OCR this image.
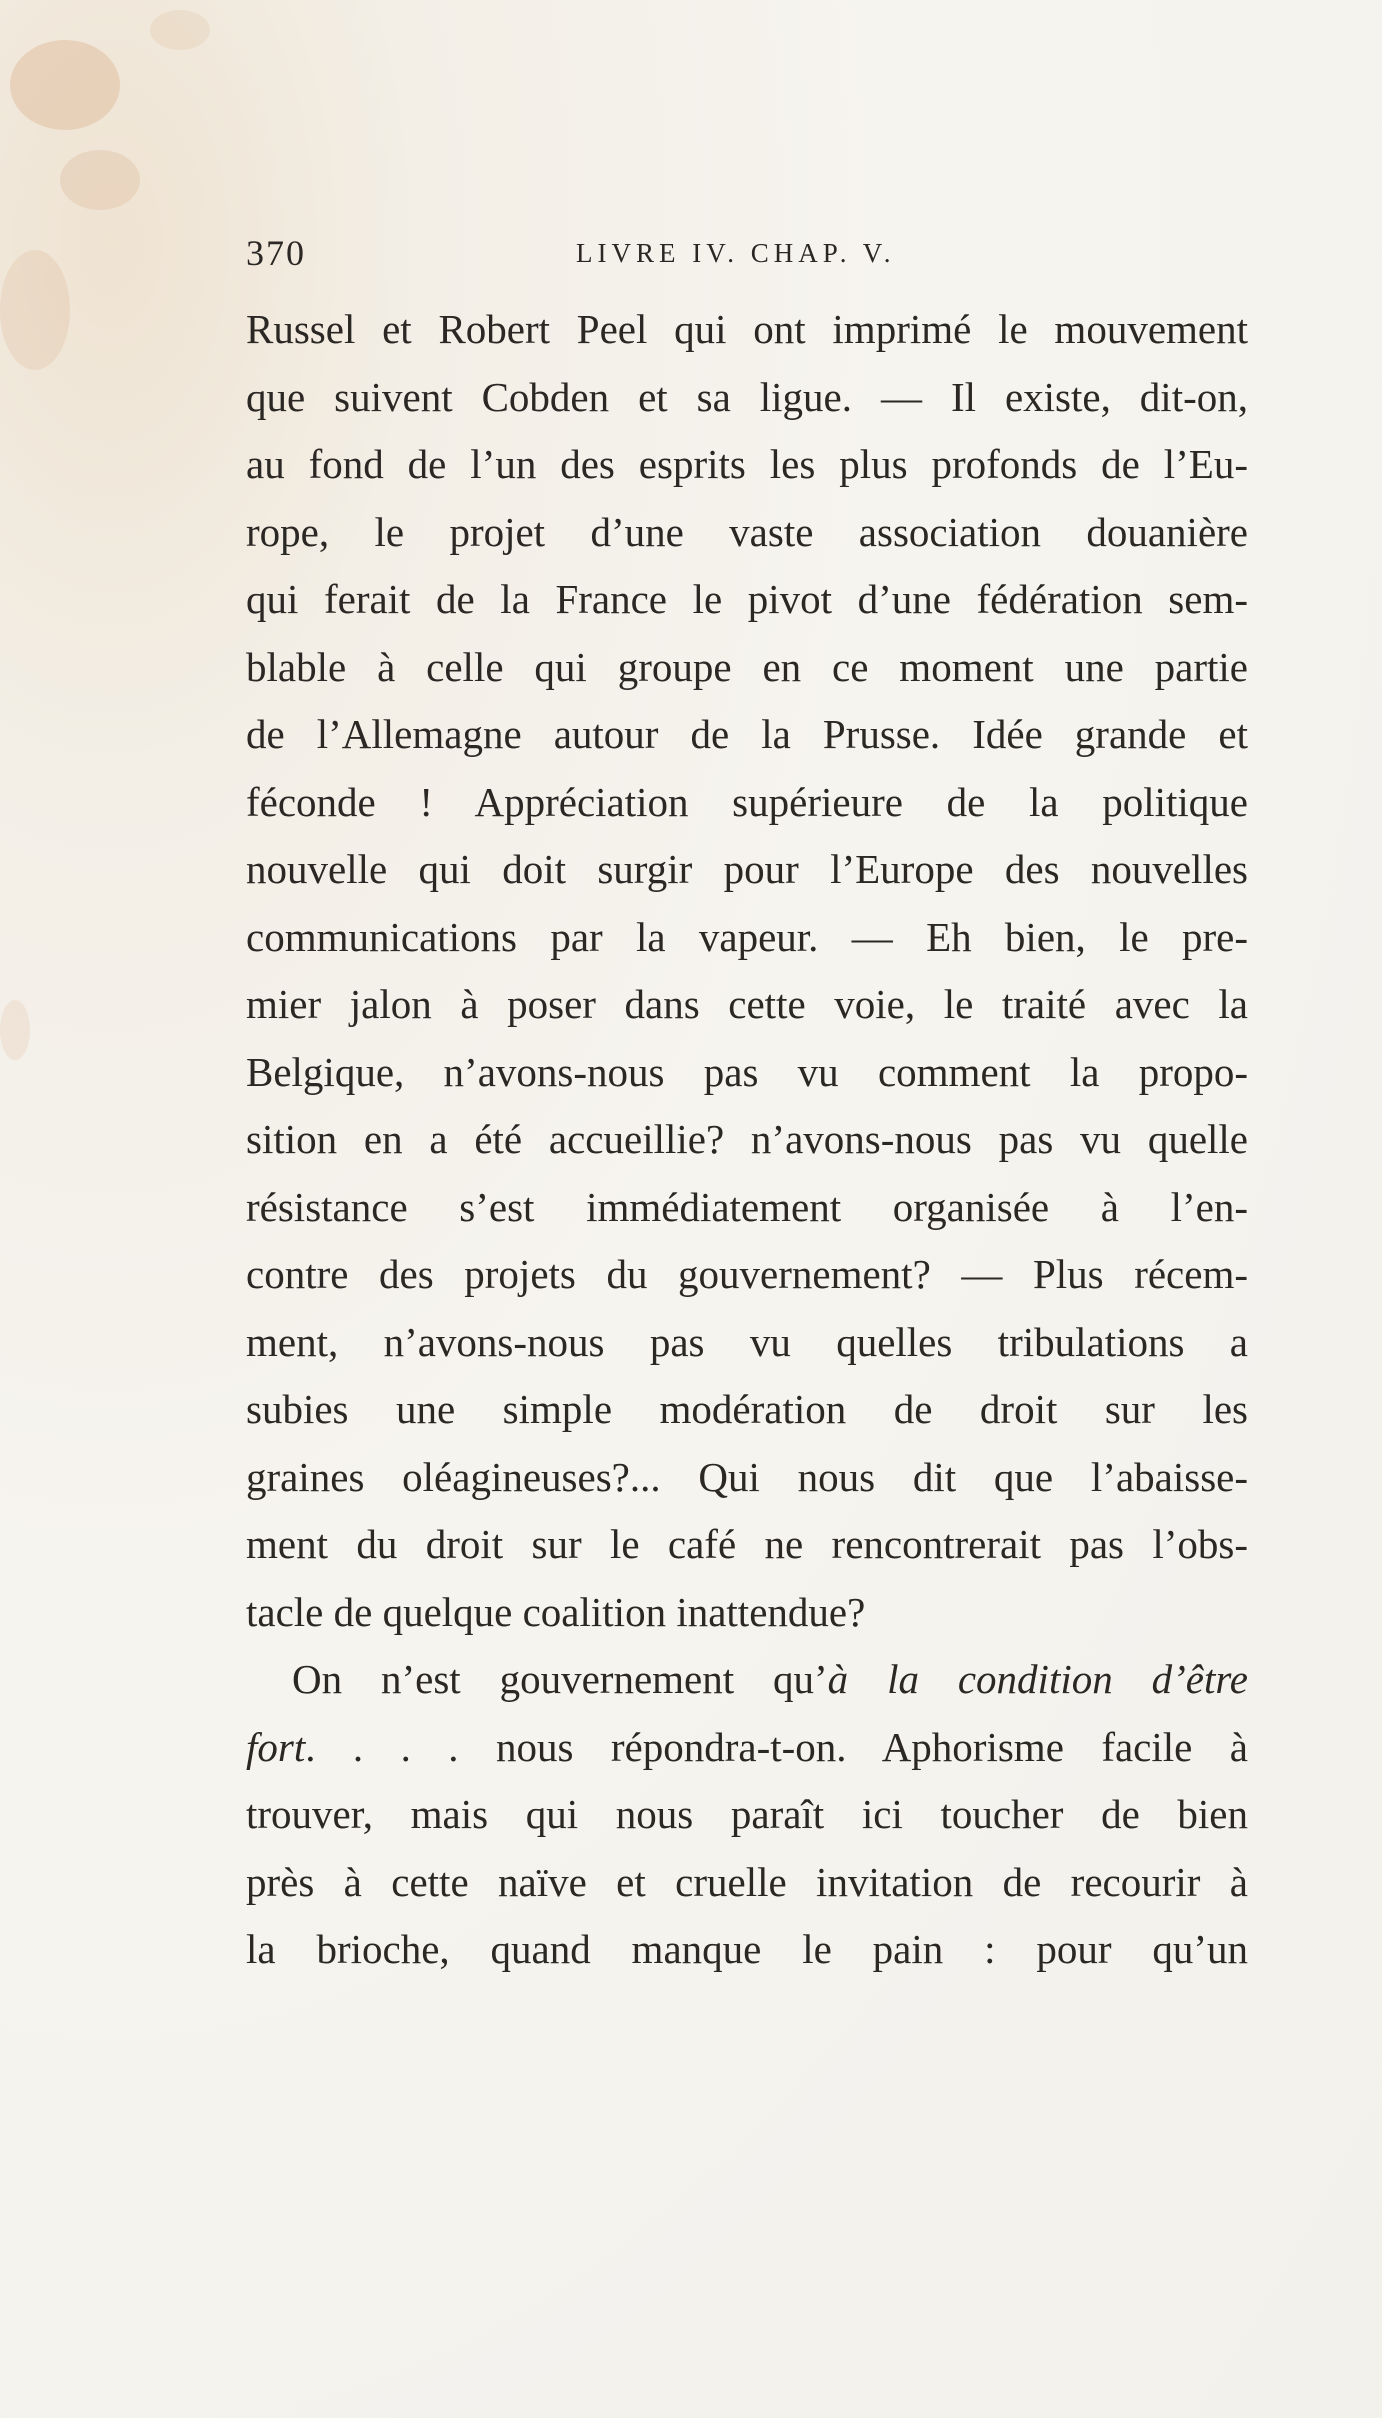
370	LIVRE IV. CHAP. V.
Russel et Robert Peel qui ont imprimé le mouvement
que suivent Cobden et sa ligue. — Il existe, dit-on,
au fond de l’un des esprits les plus profonds de l’Eu-
rope, le projet d’une vaste association douanière
qui ferait de la France le pivot d’une fédération sem-
blable à celle qui groupe en ce moment une partie
de l’Allemagne autour de la Prusse. Idée grande et
féconde ! Appréciation supérieure de la politique
nouvelle qui doit surgir pour l’Europe des nouvelles
communications par la vapeur. — Eh bien, le pre-
mier jalon à poser dans cette voie, le traité avec la
Belgique, n’avons-nous pas vu comment la propo-
sition en a été accueillie? n’avons-nous pas vu quelle
résistance s’est immédiatement organisée à l’en-
contre des projets du gouvernement? — Plus récem-
ment, n’avons-nous pas vu quelles tribulations a
subies une simple modération de droit sur les
graines oléagineuses?... Qui nous dit que l’abaisse-
ment du droit sur le café ne rencontrerait pas l’obs-
tacle de quelque coalition inattendue?
On n’est gouvernement qu’à la condition d’être
fort. . . . nous répondra-t-on. Aphorisme facile à
trouver, mais qui nous paraît ici toucher de bien
près à cette naïve et cruelle invitation de recourir à
la brioche, quand manque le pain : pour qu’un
